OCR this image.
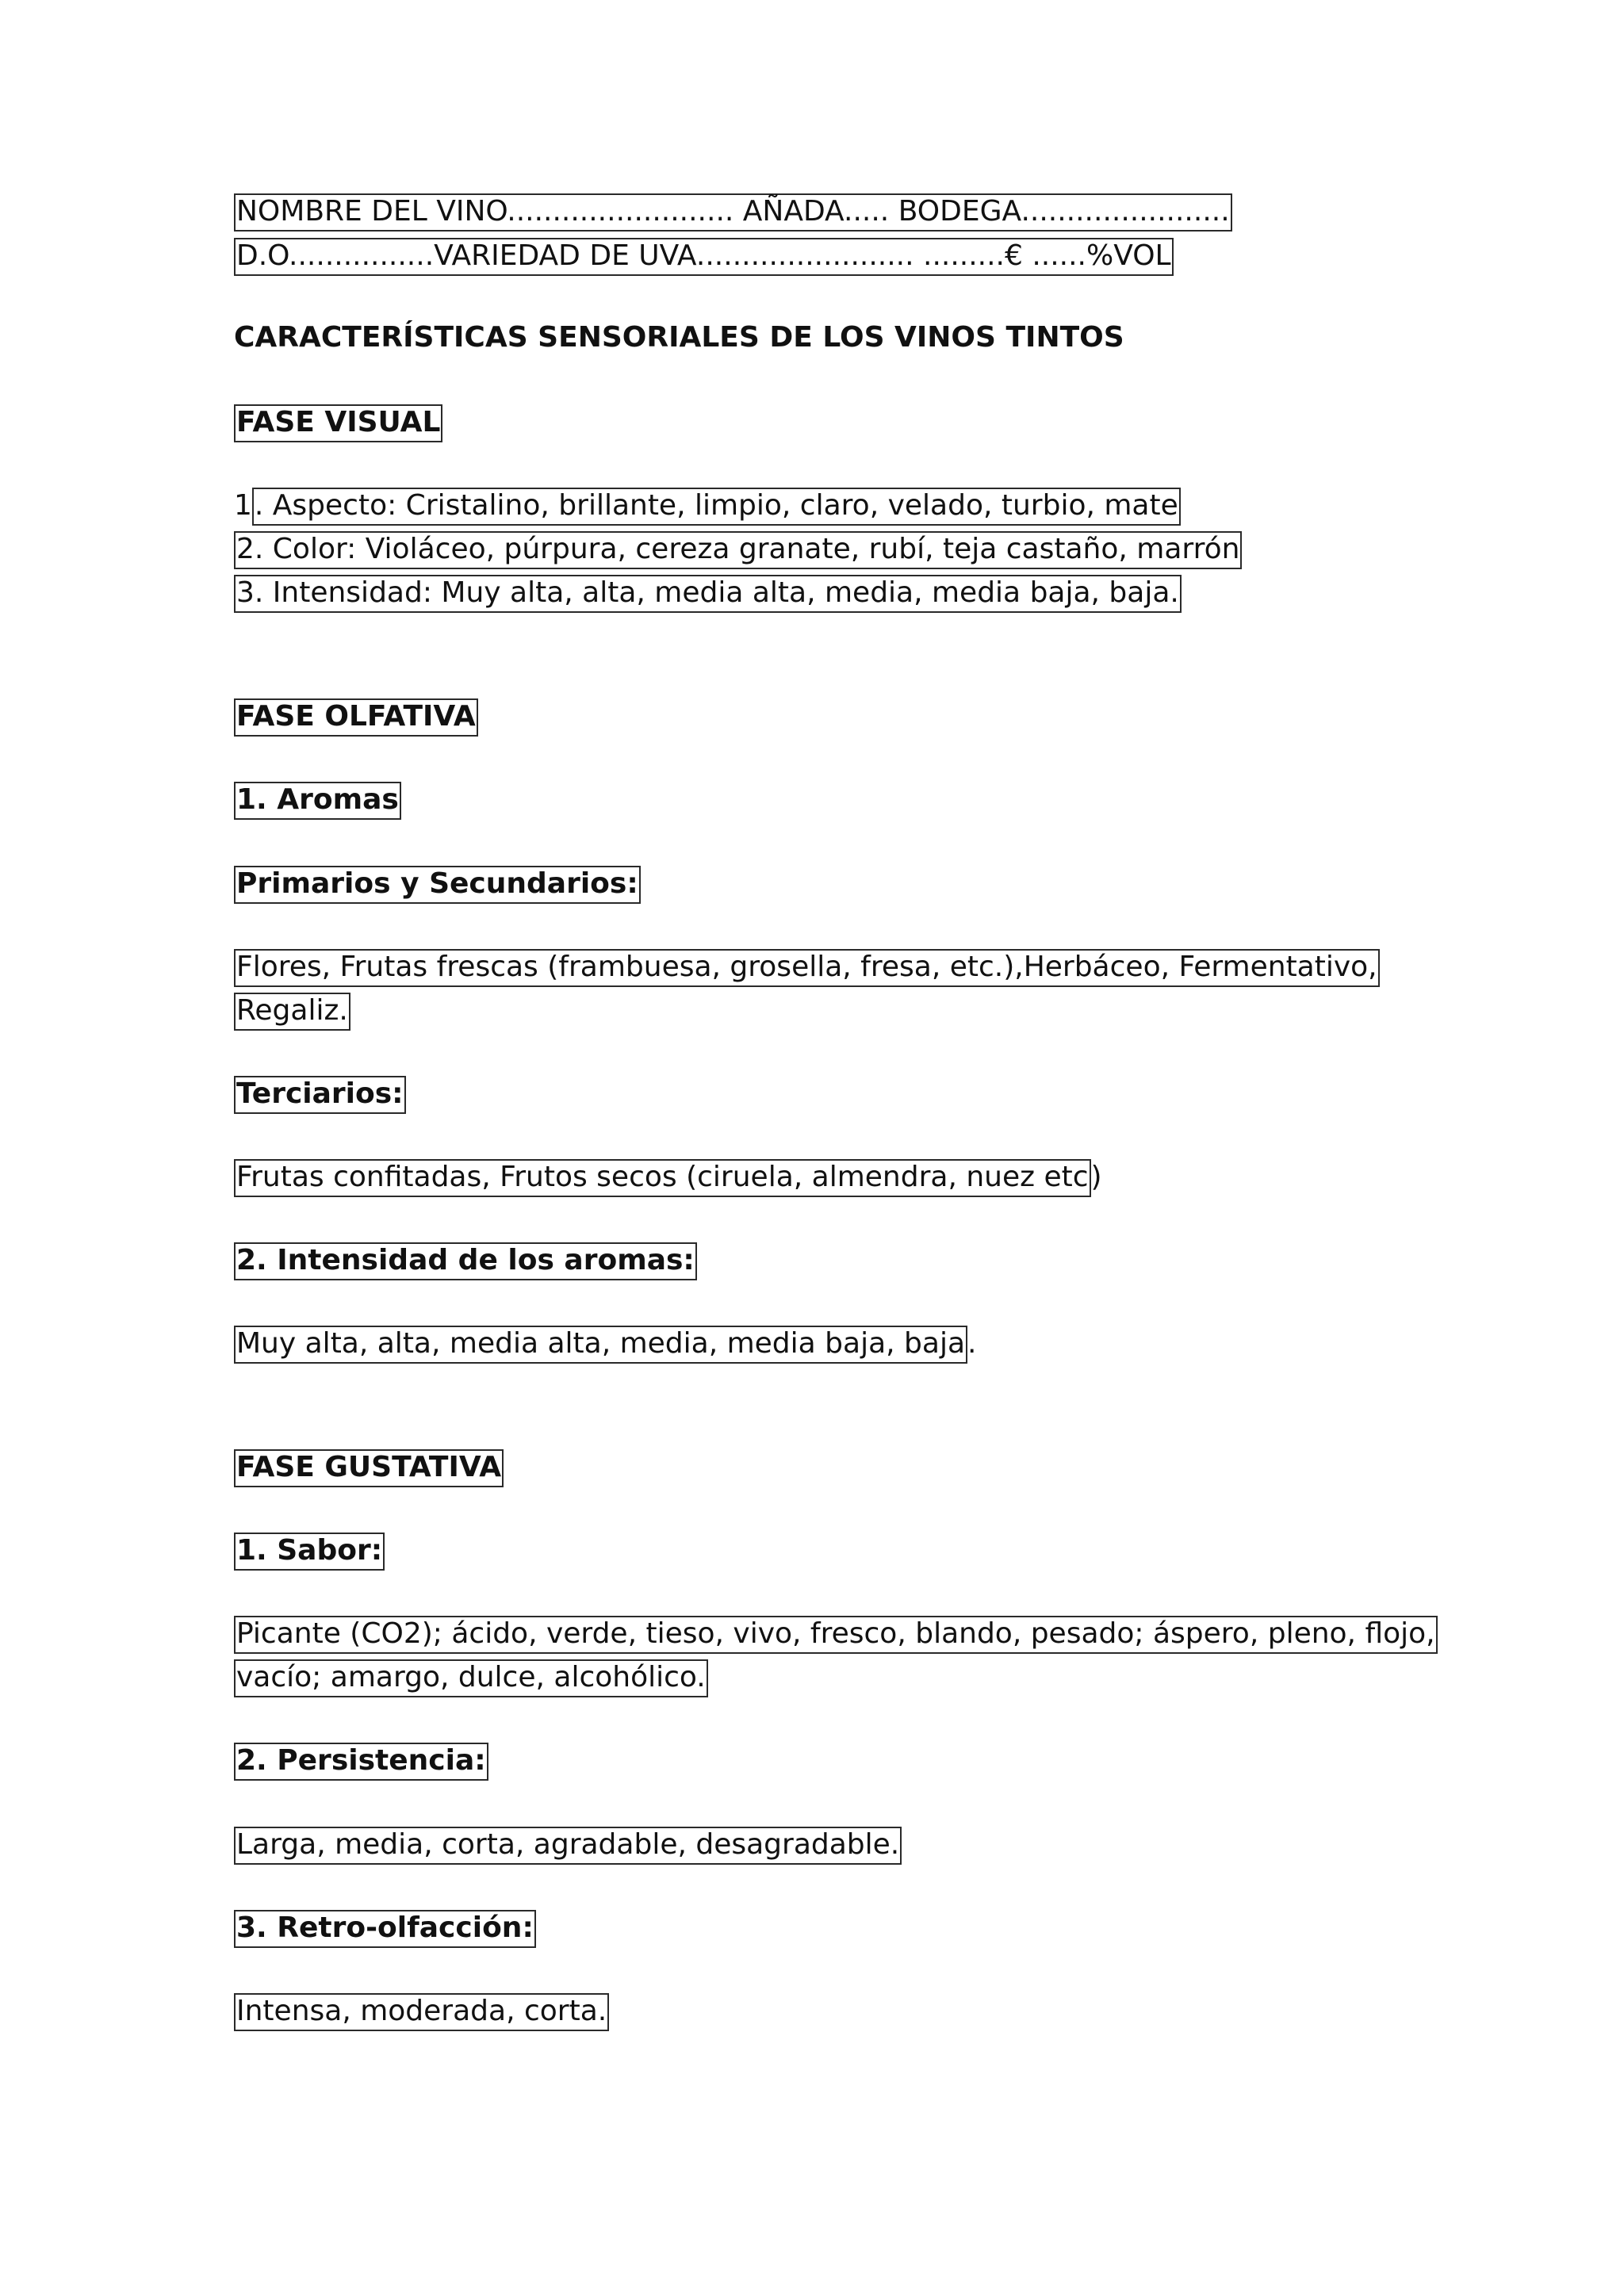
NOMBRE DEL VINO......................... AÑADA..... BODEGA.......................
D.O................VARIEDAD DE UVA........................ .........€ ......%VOL
CARACTERÍSTICAS SENSORIALES DE LOS VINOS TINTOS
FASE VISUAL
1. Aspecto: Cristalino, brillante, limpio, claro, velado, turbio, mate
2. Color: Violáceo, púrpura, cereza granate, rubí, teja castaño, marrón
3. Intensidad: Muy alta, alta, media alta, media, media baja, baja.
FASE OLFATIVA
1. Aromas
Primarios y Secundarios:
Flores, Frutas frescas (frambuesa, grosella, fresa, etc.),Herbáceo, Fermentativo,
Regaliz.
Terciarios:
Frutas confitadas, Frutos secos (ciruela, almendra, nuez etc)
2. Intensidad de los aromas:
Muy alta, alta, media alta, media, media baja, baja.
FASE GUSTATIVA
1. Sabor:
Picante (CO2); ácido, verde, tieso, vivo, fresco, blando, pesado; áspero, pleno, flojo,
vacío; amargo, dulce, alcohólico.
2. Persistencia:
Larga, media, corta, agradable, desagradable.
3. Retro-olfacción:
Intensa, moderada, corta.
